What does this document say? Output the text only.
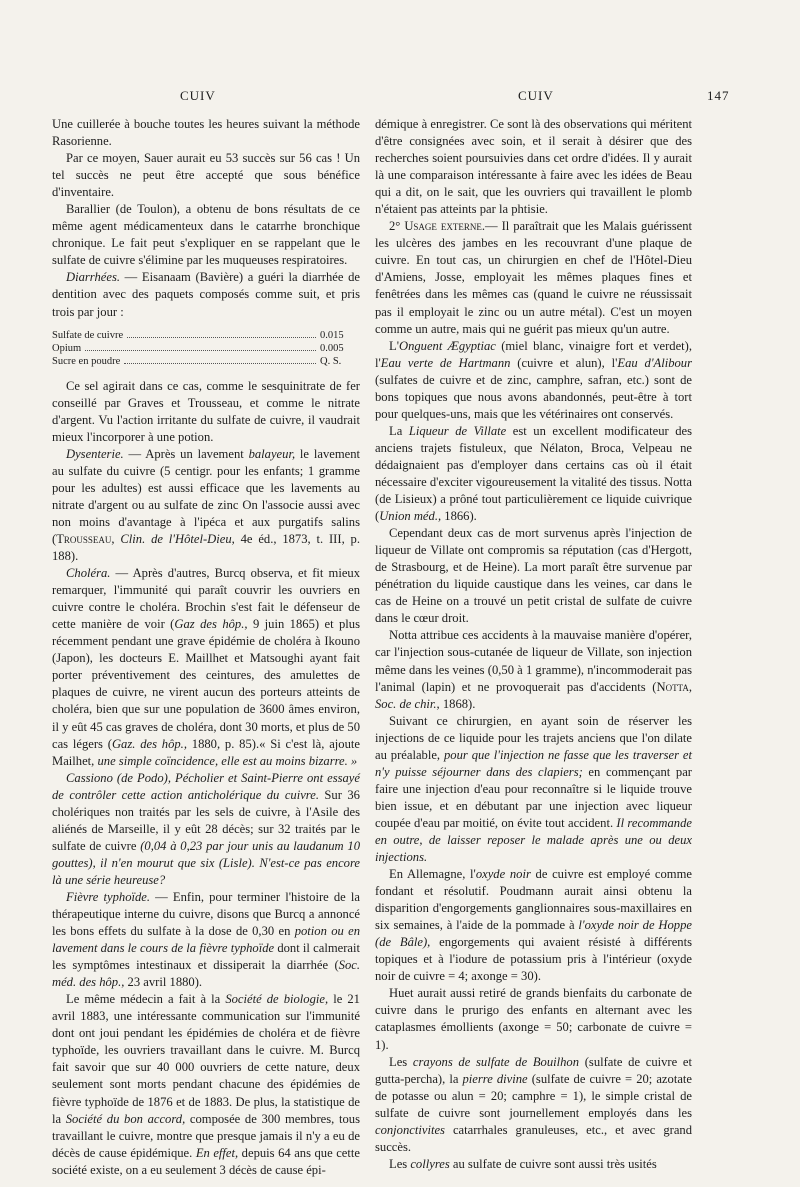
CUIV	CUIV	147

Une cuillerée à bouche toutes les heures suivant la méthode Rasorienne.

Par ce moyen, Sauer aurait eu 53 succès sur 56 cas ! Un tel succès ne peut être accepté que sous bénéfice d'inventaire.

Barallier (de Toulon), a obtenu de bons résultats de ce même agent médicamenteux dans le catarrhe bronchique chronique. Le fait peut s'expliquer en se rappelant que le sulfate de cuivre s'élimine par les muqueuses respiratoires.

Diarrhées. — Eisanaam (Bavière) a guéri la diarrhée de dentition avec des paquets composés comme suit, et pris trois par jour :

Sulfate de cuivre	0.015
Opium	0.005
Sucre en poudre	Q. S.

Ce sel agirait dans ce cas, comme le sesquinitrate de fer conseillé par Graves et Trousseau, et comme le nitrate d'argent. Vu l'action irritante du sulfate de cuivre, il vaudrait mieux l'incorporer à une potion.

Dysenterie. — Après un lavement balayeur, le lavement au sulfate du cuivre (5 centigr. pour les enfants; 1 gramme pour les adultes) est aussi efficace que les lavements au nitrate d'argent ou au sulfate de zinc On l'associe aussi avec non moins d'avantage à l'ipéca et aux purgatifs salins (Trousseau, Clin. de l'Hôtel-Dieu, 4e éd., 1873, t. III, p. 188).

Choléra. — Après d'autres, Burcq observa, et fit mieux remarquer, l'immunité qui paraît couvrir les ouvriers en cuivre contre le choléra. Brochin s'est fait le défenseur de cette manière de voir (Gaz des hôp., 9 juin 1865) et plus récemment pendant une grave épidémie de choléra à Ikouno (Japon), les docteurs E. Maillhet et Matsoughi ayant fait porter préventivement des ceintures, des amulettes de plaques de cuivre, ne virent aucun des porteurs atteints de choléra, bien que sur une population de 3600 âmes environ, il y eût 45 cas graves de choléra, dont 30 morts, et plus de 50 cas légers (Gaz. des hôp., 1880, p. 85).« Si c'est là, ajoute Mailhet, une simple coïncidence, elle est au moins bizarre. »

Cassiono (de Podo), Pécholier et Saint-Pierre ont essayé de contrôler cette action anticholérique du cuivre. Sur 36 cholériques non traités par les sels de cuivre, à l'Asile des aliénés de Marseille, il y eût 28 décès; sur 32 traités par le sulfate de cuivre (0,04 à 0,23 par jour unis au laudanum 10 gouttes), il n'en mourut que six (Lisle). N'est-ce pas encore là une série heureuse?

Fièvre typhoïde. — Enfin, pour terminer l'histoire de la thérapeutique interne du cuivre, disons que Burcq a annoncé les bons effets du sulfate à la dose de 0,30 en potion ou en lavement dans le cours de la fièvre typhoïde dont il calmerait les symptômes intestinaux et dissiperait la diarrhée (Soc. méd. des hôp., 23 avril 1880).

Le même médecin a fait à la Société de biologie, le 21 avril 1883, une intéressante communication sur l'immunité dont ont joui pendant les épidémies de choléra et de fièvre typhoïde, les ouvriers travaillant dans le cuivre. M. Burcq fait savoir que sur 40 000 ouvriers de cette nature, deux seulement sont morts pendant chacune des épidémies de fièvre typhoïde de 1876 et de 1883. De plus, la statistique de la Société du bon accord, composée de 300 membres, tous travaillant le cuivre, montre que presque jamais il n'y a eu de décès de cause épidémique. En effet, depuis 64 ans que cette société existe, on a eu seulement 3 décès de cause épi-

démique à enregistrer. Ce sont là des observations qui méritent d'être consignées avec soin, et il serait à désirer que des recherches soient poursuivies dans cet ordre d'idées. Il y aurait là une comparaison intéressante à faire avec les idées de Beau qui a dit, on le sait, que les ouvriers qui travaillent le plomb n'étaient pas atteints par la phtisie.

2° Usage externe.— Il paraîtrait que les Malais guérissent les ulcères des jambes en les recouvrant d'une plaque de cuivre. En tout cas, un chirurgien en chef de l'Hôtel-Dieu d'Amiens, Josse, employait les mêmes plaques fines et fenêtrées dans les mêmes cas (quand le cuivre ne réussissait pas il employait le zinc ou un autre métal). C'est un moyen comme un autre, mais qui ne guérit pas mieux qu'un autre.

L'Onguent Ægyptiac (miel blanc, vinaigre fort et verdet), l'Eau verte de Hartmann (cuivre et alun), l'Eau d'Alibour (sulfates de cuivre et de zinc, camphre, safran, etc.) sont de bons topiques que nous avons abandonnés, peut-être à tort pour quelques-uns, mais que les vétérinaires ont conservés.

La Liqueur de Villate est un excellent modificateur des anciens trajets fistuleux, que Nélaton, Broca, Velpeau ne dédaignaient pas d'employer dans certains cas où il était nécessaire d'exciter vigoureusement la vitalité des tissus. Notta (de Lisieux) a prôné tout particulièrement ce liquide cuivrique (Union méd., 1866).

Cependant deux cas de mort survenus après l'injection de liqueur de Villate ont compromis sa réputation (cas d'Hergott, de Strasbourg, et de Heine). La mort paraît être survenue par pénétration du liquide caustique dans les veines, car dans le cas de Heine on a trouvé un petit cristal de sulfate de cuivre dans le cœur droit.

Notta attribue ces accidents à la mauvaise manière d'opérer, car l'injection sous-cutanée de liqueur de Villate, son injection même dans les veines (0,50 à 1 gramme), n'incommoderait pas l'animal (lapin) et ne provoquerait pas d'accidents (Notta, Soc. de chir., 1868).

Suivant ce chirurgien, en ayant soin de réserver les injections de ce liquide pour les trajets anciens que l'on dilate au préalable, pour que l'injection ne fasse que les traverser et n'y puisse séjourner dans des clapiers; en commençant par faire une injection d'eau pour reconnaître si le liquide trouve bien issue, et en débutant par une injection avec liqueur coupée d'eau par moitié, on évite tout accident. Il recommande en outre, de laisser reposer le malade après une ou deux injections.

En Allemagne, l'oxyde noir de cuivre est employé comme fondant et résolutif. Poudmann aurait ainsi obtenu la disparition d'engorgements ganglionnaires sous-maxillaires en six semaines, à l'aide de la pommade à l'oxyde noir de Hoppe (de Bâle), engorgements qui avaient résisté à différents topiques et à l'iodure de potassium pris à l'intérieur (oxyde noir de cuivre = 4; axonge = 30).

Huet aurait aussi retiré de grands bienfaits du carbonate de cuivre dans le prurigo des enfants en alternant avec les cataplasmes émollients (axonge = 50; carbonate de cuivre = 1).

Les crayons de sulfate de Bouilhon (sulfate de cuivre et gutta-percha), la pierre divine (sulfate de cuivre = 20; azotate de potasse ou alun = 20; camphre = 1), le simple cristal de sulfate de cuivre sont journellement employés dans les conjonctivites catarrhales granuleuses, etc., et avec grand succès.

Les collyres au sulfate de cuivre sont aussi très usités
